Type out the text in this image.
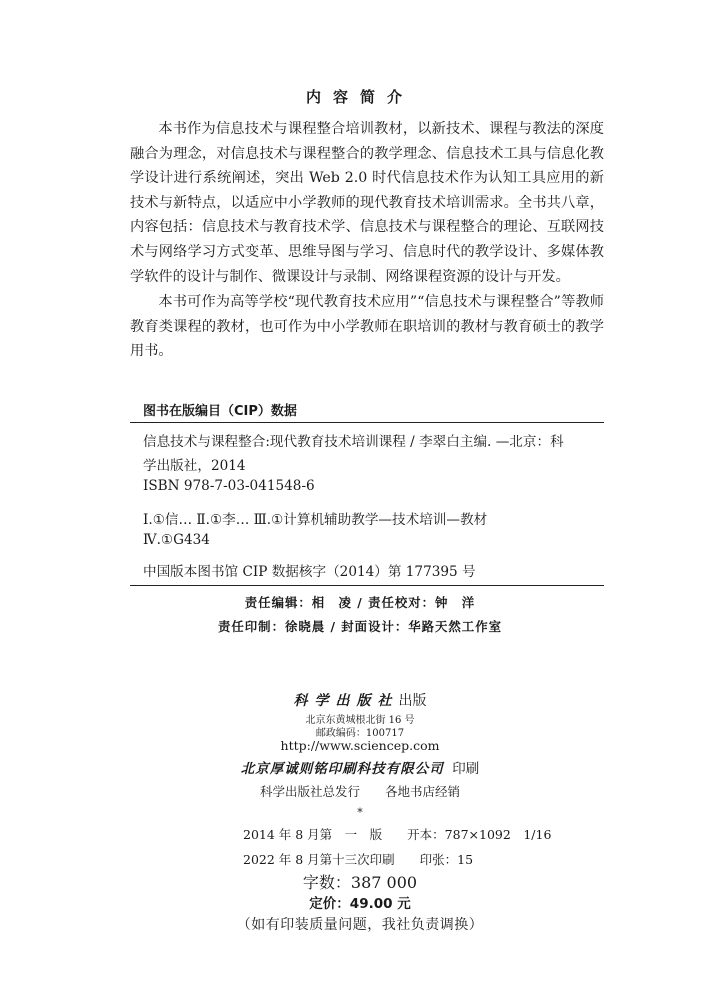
内容简介

本书作为信息技术与课程整合培训教材，以新技术、课程与教法的深度融合为理念，对信息技术与课程整合的教学理念、信息技术工具与信息化教学设计进行系统阐述，突出 Web 2.0 时代信息技术作为认知工具应用的新技术与新特点，以适应中小学教师的现代教育技术培训需求。全书共八章，内容包括：信息技术与教育技术学、信息技术与课程整合的理论、互联网技术与网络学习方式变革、思维导图与学习、信息时代的教学设计、多媒体教学软件的设计与制作、微课设计与录制、网络课程资源的设计与开发。

本书可作为高等学校“现代教育技术应用”“信息技术与课程整合”等教师教育类课程的教材，也可作为中小学教师在职培训的教材与教育硕士的教学用书。

图书在版编目（CIP）数据
信息技术与课程整合:现代教育技术培训课程 / 李翠白主编. —北京：科
学出版社，2014
ISBN 978-7-03-041548-6
Ⅰ.①信… Ⅱ.①李… Ⅲ.①计算机辅助教学—技术培训—教材
Ⅳ.①G434
中国版本图书馆 CIP 数据核字（2014）第 177395 号
责任编辑：相　凌 / 责任校对：钟　洋
责任印制：徐晓晨 / 封面设计：华路天然工作室
科学出版社出版
北京东黄城根北街 16 号
邮政编码：100717
http://www.sciencep.com
北京厚诚则铭印刷科技有限公司 印刷
科学出版社总发行　　各地书店经销
*
2014 年 8 月第　一　版　　开本：787×1092　1/16
2022 年 8 月第十三次印刷　　印张：15
字数：387 000
定价：49.00 元
（如有印装质量问题，我社负责调换）
